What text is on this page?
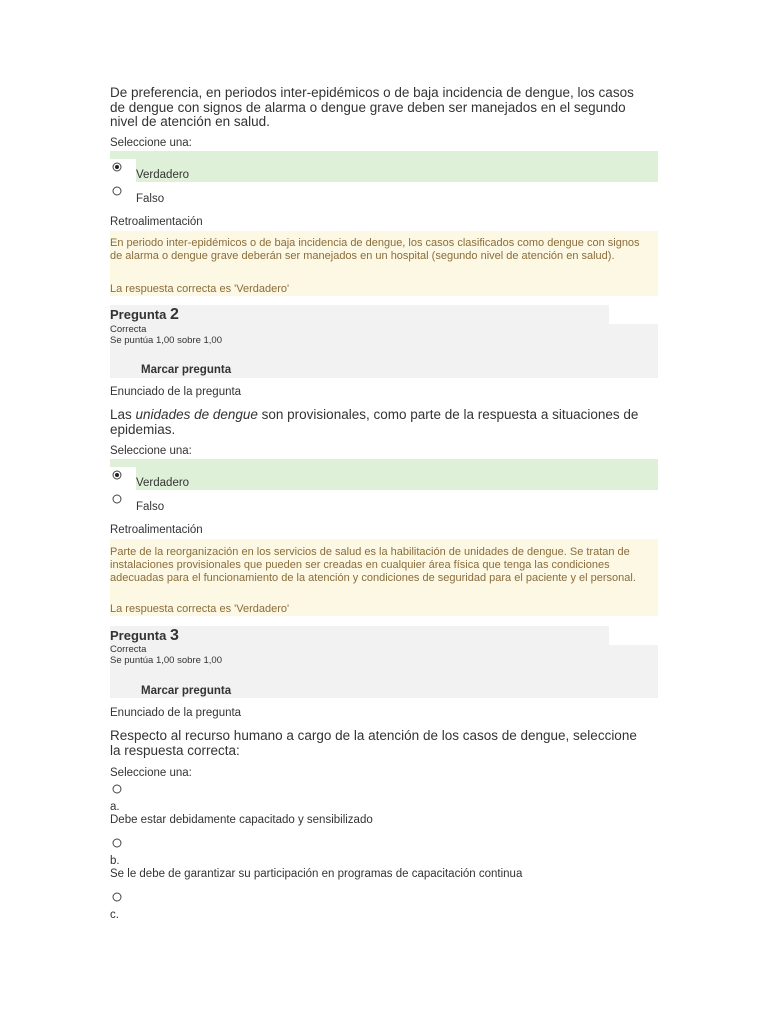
De preferencia, en periodos inter-epidémicos o de baja incidencia de dengue, los casos de dengue con signos de alarma o dengue grave deben ser manejados en el segundo nivel de atención en salud.
Seleccione una:
Verdadero
Falso
Retroalimentación
En periodo inter-epidémicos o de baja incidencia de dengue, los casos clasificados como dengue con signos de alarma o dengue grave deberán ser manejados en un hospital (segundo nivel de atención en salud).
La respuesta correcta es 'Verdadero'
Pregunta 2
Correcta
Se puntúa 1,00 sobre 1,00
Marcar pregunta
Enunciado de la pregunta
Las unidades de dengue son provisionales, como parte de la respuesta a situaciones de epidemias.
Seleccione una:
Verdadero
Falso
Retroalimentación
Parte de la reorganización en los servicios de salud es la habilitación de unidades de dengue. Se tratan de instalaciones provisionales que pueden ser creadas en cualquier área física que tenga las condiciones adecuadas para el funcionamiento de la atención y condiciones de seguridad para el paciente y el personal.
La respuesta correcta es 'Verdadero'
Pregunta 3
Correcta
Se puntúa 1,00 sobre 1,00
Marcar pregunta
Enunciado de la pregunta
Respecto al recurso humano a cargo de la atención de los casos de dengue, seleccione la respuesta correcta:
Seleccione una:
a.
Debe estar debidamente capacitado y sensibilizado
b.
Se le debe de garantizar su participación en programas de capacitación continua
c.
